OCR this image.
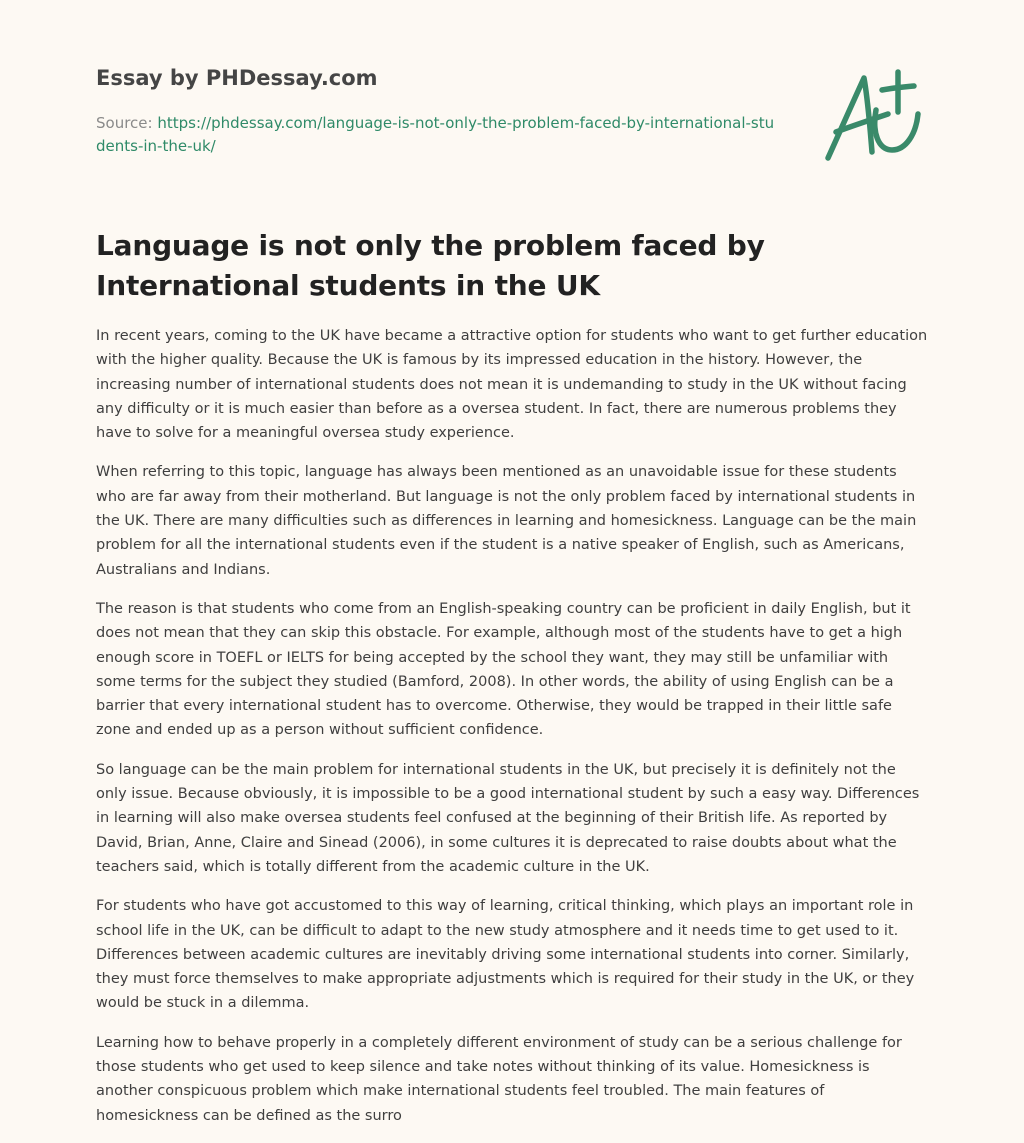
Essay by PHDessay.com

Source: https://phdessay.com/language-is-not-only-the-problem-faced-by-international-students-in-the-uk/

Language is not only the problem faced by International students in the UK

In recent years, coming to the UK have became a attractive option for students who want to get further education with the higher quality. Because the UK is famous by its impressed education in the history. However, the increasing number of international students does not mean it is undemanding to study in the UK without facing any difficulty or it is much easier than before as a oversea student. In fact, there are numerous problems they have to solve for a meaningful oversea study experience.

When referring to this topic, language has always been mentioned as an unavoidable issue for these students who are far away from their motherland. But language is not the only problem faced by international students in the UK. There are many difficulties such as differences in learning and homesickness. Language can be the main problem for all the international students even if the student is a native speaker of English, such as Americans, Australians and Indians.

The reason is that students who come from an English-speaking country can be proficient in daily English, but it does not mean that they can skip this obstacle. For example, although most of the students have to get a high enough score in TOEFL or IELTS for being accepted by the school they want, they may still be unfamiliar with some terms for the subject they studied (Bamford, 2008). In other words, the ability of using English can be a barrier that every international student has to overcome. Otherwise, they would be trapped in their little safe zone and ended up as a person without sufficient confidence.

So language can be the main problem for international students in the UK, but precisely it is definitely not the only issue. Because obviously, it is impossible to be a good international student by such a easy way. Differences in learning will also make oversea students feel confused at the beginning of their British life. As reported by David, Brian, Anne, Claire and Sinead (2006), in some cultures it is deprecated to raise doubts about what the teachers said, which is totally different from the academic culture in the UK.

For students who have got accustomed to this way of learning, critical thinking, which plays an important role in school life in the UK, can be difficult to adapt to the new study atmosphere and it needs time to get used to it. Differences between academic cultures are inevitably driving some international students into corner. Similarly, they must force themselves to make appropriate adjustments which is required for their study in the UK, or they would be stuck in a dilemma.

Learning how to behave properly in a completely different environment of study can be a serious challenge for those students who get used to keep silence and take notes without thinking of its value. Homesickness is another conspicuous problem which make international students feel troubled. The main features of homesickness can be defined as the surro
